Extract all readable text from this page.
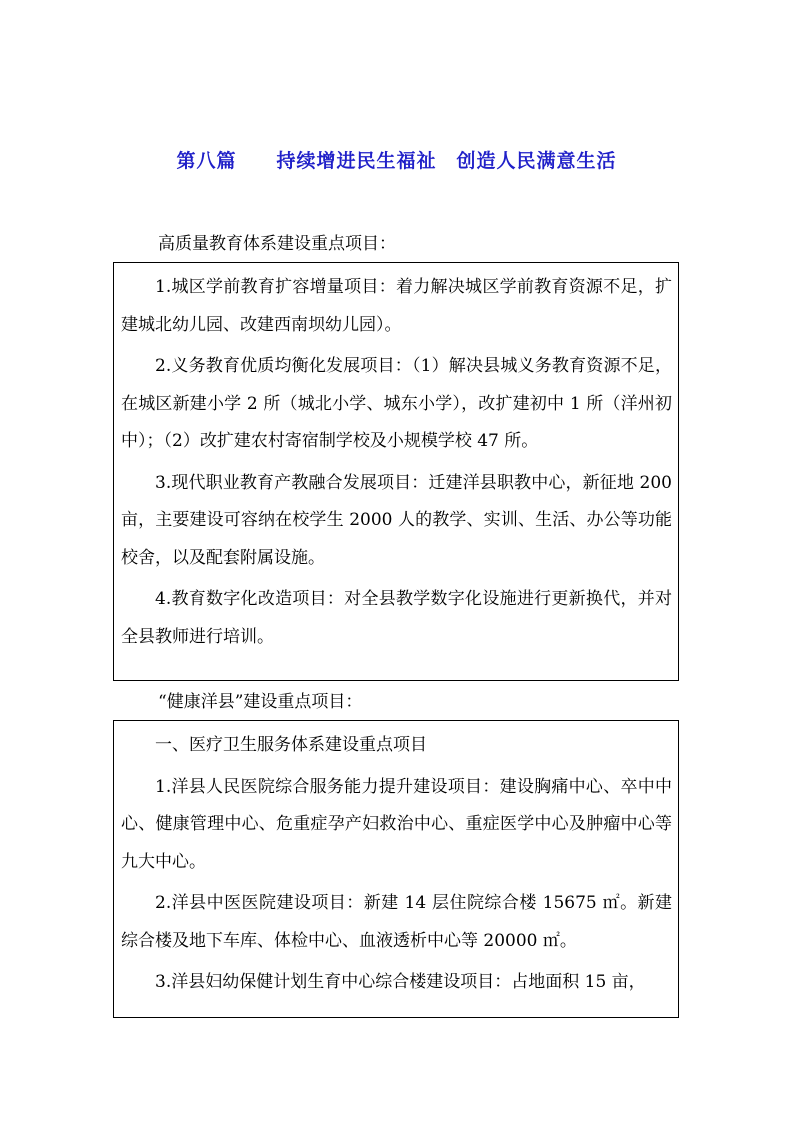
第八篇　　持续增进民生福祉　创造人民满意生活
高质量教育体系建设重点项目：

1.城区学前教育扩容增量项目：着力解决城区学前教育资源不足，扩建城北幼儿园、改建西南坝幼儿园）。

2.义务教育优质均衡化发展项目：（1）解决县城义务教育资源不足，在城区新建小学 2 所（城北小学、城东小学），改扩建初中 1 所（洋州初中）；（2）改扩建农村寄宿制学校及小规模学校 47 所。

3.现代职业教育产教融合发展项目：迁建洋县职教中心，新征地 200 亩，主要建设可容纳在校学生 2000 人的教学、实训、生活、办公等功能校舍，以及配套附属设施。

4.教育数字化改造项目：对全县教学数字化设施进行更新换代，并对全县教师进行培训。

“健康洋县”建设重点项目：

一、医疗卫生服务体系建设重点项目

1.洋县人民医院综合服务能力提升建设项目：建设胸痛中心、卒中中心、健康管理中心、危重症孕产妇救治中心、重症医学中心及肿瘤中心等九大中心。

2.洋县中医医院建设项目：新建 14 层住院综合楼 15675 ㎡。新建综合楼及地下车库、体检中心、血液透析中心等 20000 ㎡。

3.洋县妇幼保健计划生育中心综合楼建设项目：占地面积 15 亩，
